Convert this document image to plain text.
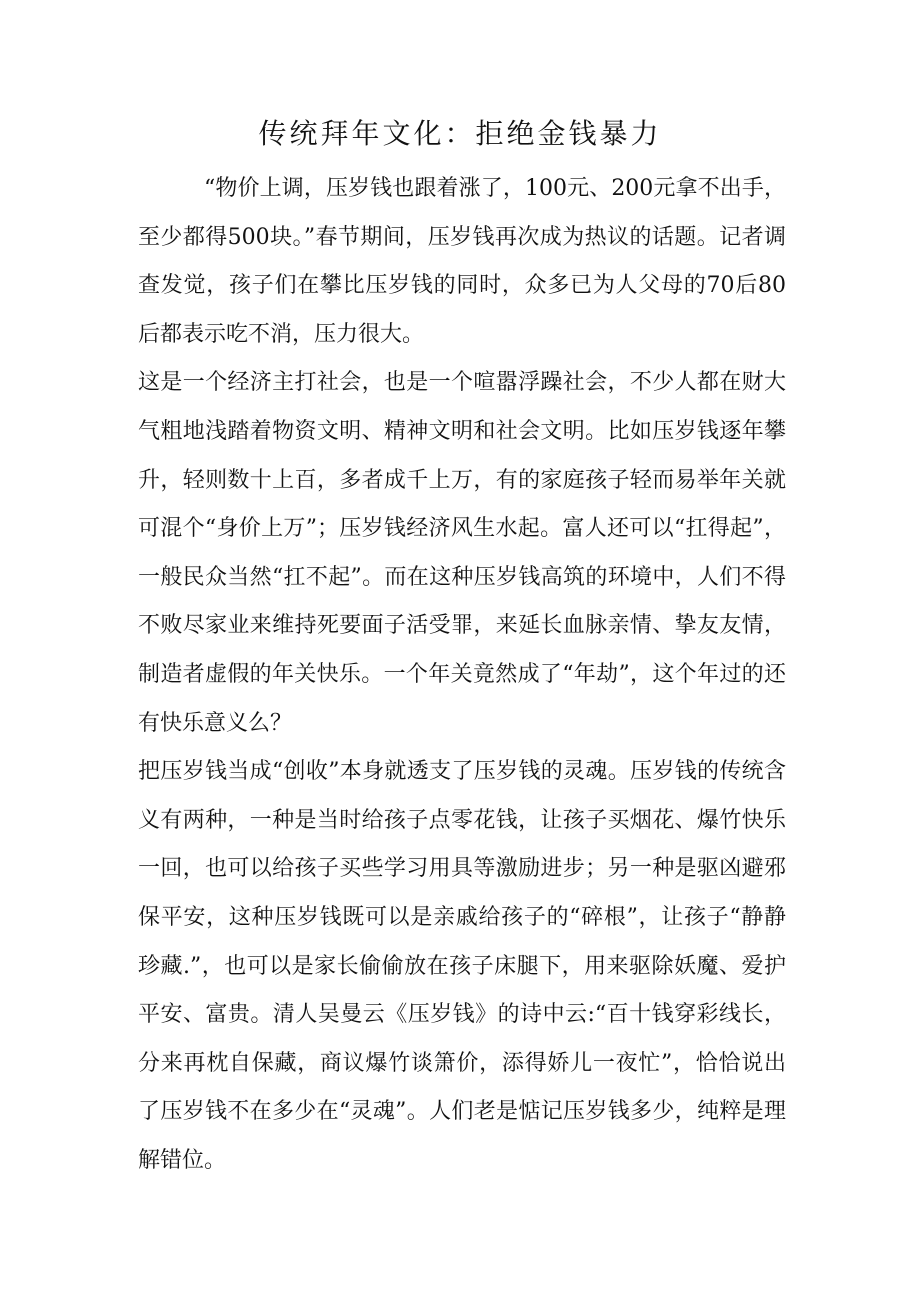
传统拜年文化：拒绝金钱暴力

“物价上调，压岁钱也跟着涨了，100元、200元拿不出手，至少都得500块。”春节期间，压岁钱再次成为热议的话题。记者调查发觉，孩子们在攀比压岁钱的同时，众多已为人父母的70后80后都表示吃不消，压力很大。

这是一个经济主打社会，也是一个喧嚣浮躁社会，不少人都在财大气粗地浅踏着物资文明、精神文明和社会文明。比如压岁钱逐年攀升，轻则数十上百，多者成千上万，有的家庭孩子轻而易举年关就可混个“身价上万”；压岁钱经济风生水起。富人还可以“扛得起”，一般民众当然“扛不起”。而在这种压岁钱高筑的环境中，人们不得不败尽家业来维持死要面子活受罪，来延长血脉亲情、挚友友情，制造者虚假的年关快乐。一个年关竟然成了“年劫”，这个年过的还有快乐意义么？

把压岁钱当成“创收”本身就透支了压岁钱的灵魂。压岁钱的传统含义有两种，一种是当时给孩子点零花钱，让孩子买烟花、爆竹快乐一回，也可以给孩子买些学习用具等激励进步；另一种是驱凶避邪保平安，这种压岁钱既可以是亲戚给孩子的“碎根”，让孩子“静静珍藏.”，也可以是家长偷偷放在孩子床腿下，用来驱除妖魔、爱护平安、富贵。清人吴曼云《压岁钱》的诗中云:“百十钱穿彩线长，分来再枕自保藏，商议爆竹谈箫价，添得娇儿一夜忙”，恰恰说出了压岁钱不在多少在“灵魂”。人们老是惦记压岁钱多少，纯粹是理解错位。
